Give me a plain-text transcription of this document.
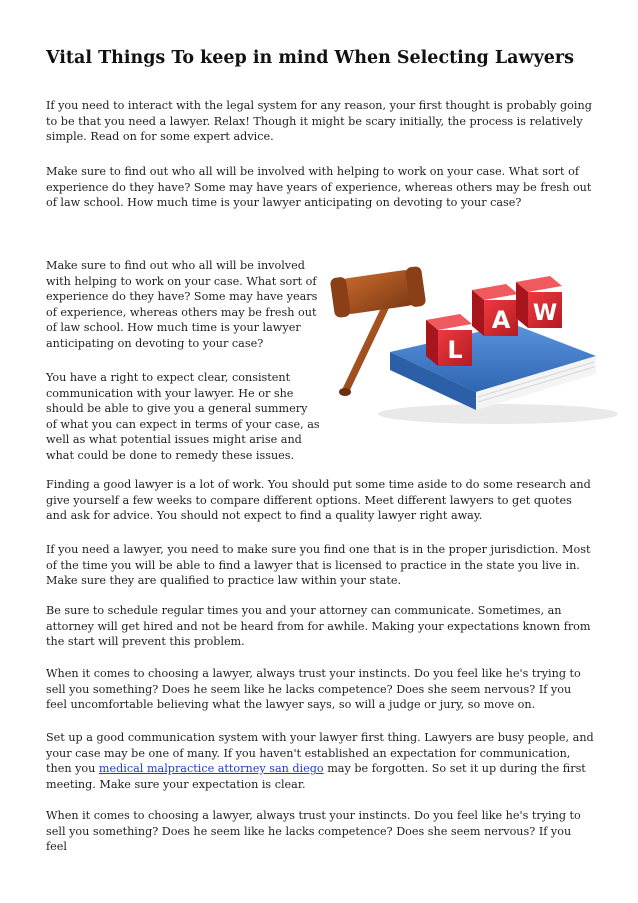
Vital Things To keep in mind When Selecting Lawyers

If you need to interact with the legal system for any reason, your first thought is probably going to be that you need a lawyer. Relax! Though it might be scary initially, the process is relatively simple. Read on for some expert advice.

Make sure to find out who all will be involved with helping to work on your case. What sort of experience do they have? Some may have years of experience, whereas others may be fresh out of law school. How much time is your lawyer anticipating on devoting to your case?

Make sure to find out who all will be involved with helping to work on your case. What sort of experience do they have? Some may have years of experience, whereas others may be fresh out of law school. How much time is your lawyer anticipating on devoting to your case?

You have a right to expect clear, consistent communication with your lawyer. He or she should be able to give you a general summery of what you can expect in terms of your case, as well as what potential issues might arise and what could be done to remedy these issues.

Finding a good lawyer is a lot of work. You should put some time aside to do some research and give yourself a few weeks to compare different options. Meet different lawyers to get quotes and ask for advice. You should not expect to find a quality lawyer right away.

If you need a lawyer, you need to make sure you find one that is in the proper jurisdiction. Most of the time you will be able to find a lawyer that is licensed to practice in the state you live in. Make sure they are qualified to practice law within your state.

Be sure to schedule regular times you and your attorney can communicate. Sometimes, an attorney will get hired and not be heard from for awhile. Making your expectations known from the start will prevent this problem.

When it comes to choosing a lawyer, always trust your instincts. Do you feel like he's trying to sell you something? Does he seem like he lacks competence? Does she seem nervous? If you feel uncomfortable believing what the lawyer says, so will a judge or jury, so move on.

Set up a good communication system with your lawyer first thing. Lawyers are busy people, and your case may be one of many. If you haven't established an expectation for communication, then you medical malpractice attorney san diego may be forgotten. So set it up during the first meeting. Make sure your expectation is clear.

When it comes to choosing a lawyer, always trust your instincts. Do you feel like he's trying to sell you something? Does he seem like he lacks competence? Does she seem nervous? If you feel

L
A W
